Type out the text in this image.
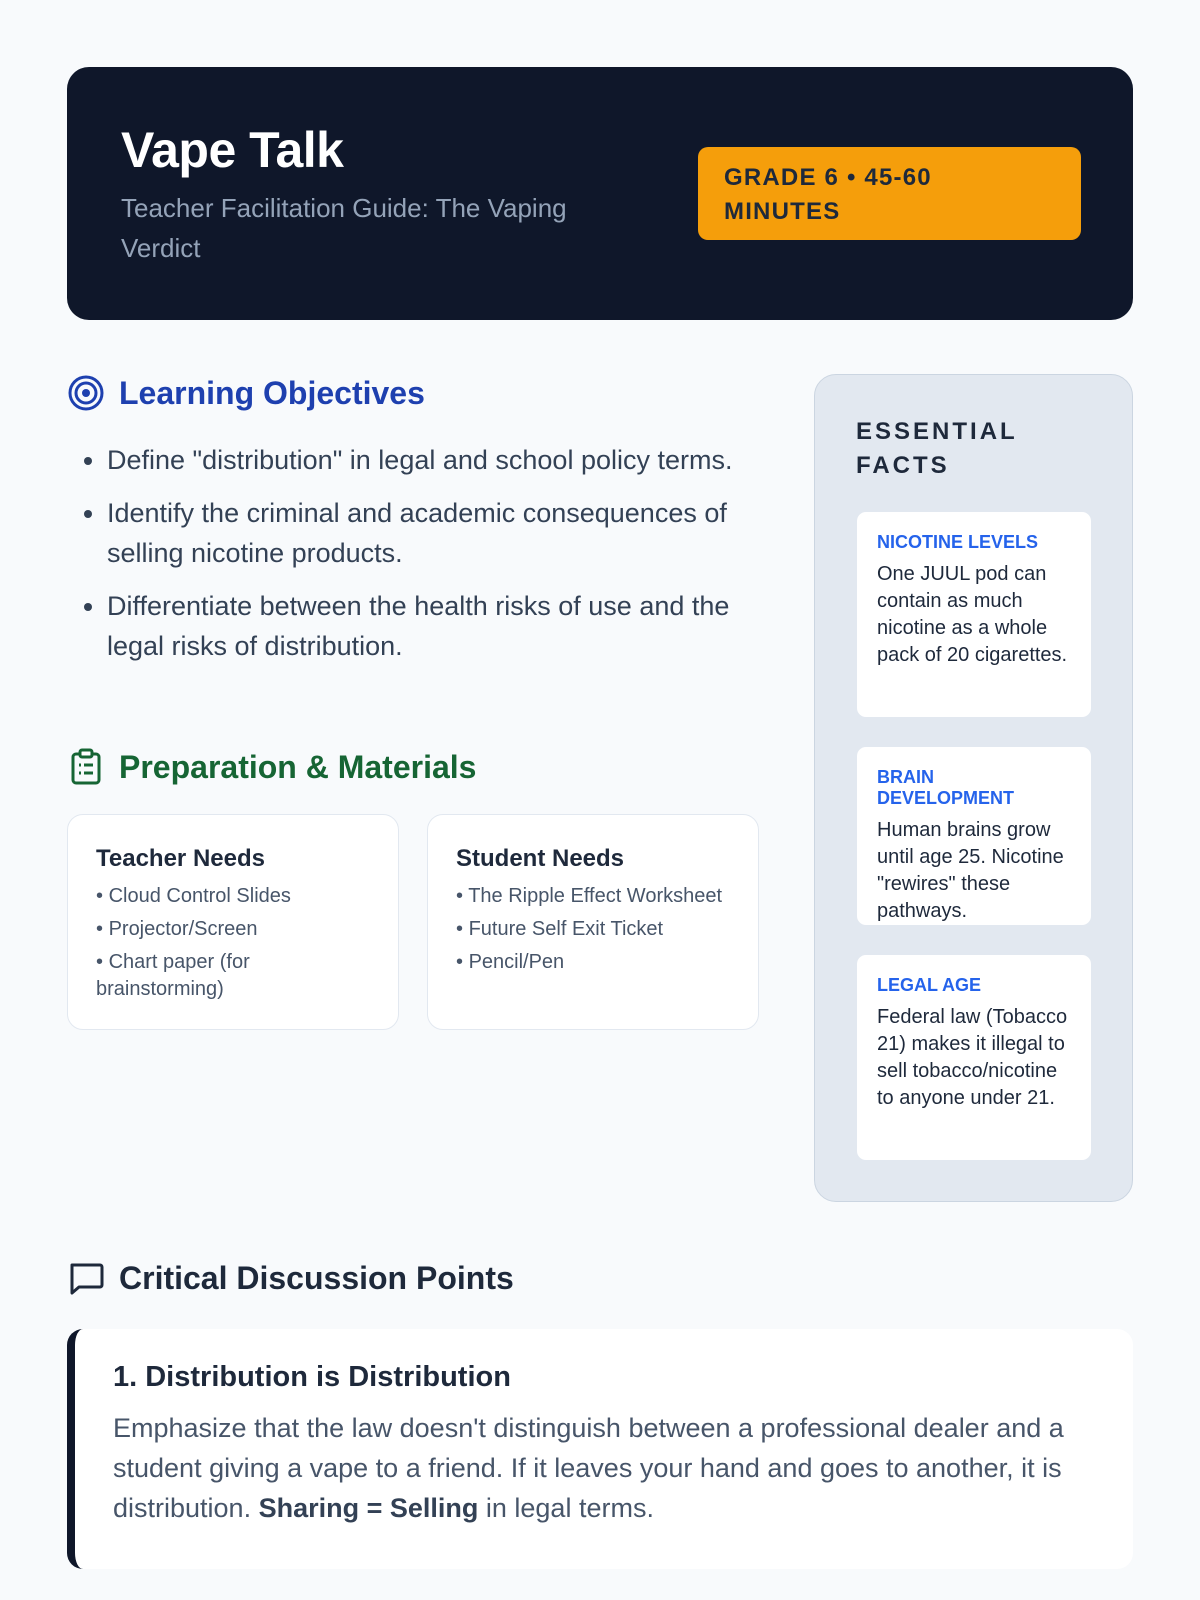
Vape Talk

Teacher Facilitation Guide: The Vaping Verdict

GRADE 6 • 45-60 MINUTES
Learning Objectives
• Define "distribution" in legal and school policy terms.
• Identify the criminal and academic consequences of selling nicotine products.
• Differentiate between the health risks of use and the legal risks of distribution.
Preparation & Materials
Teacher Needs
• Cloud Control Slides
• Projector/Screen
• Chart paper (for brainstorming)
Student Needs
• The Ripple Effect Worksheet
• Future Self Exit Ticket
• Pencil/Pen
ESSENTIAL FACTS

NICOTINE LEVELS

One JUUL pod can contain as much nicotine as a whole pack of 20 cigarettes.

BRAIN DEVELOPMENT

Human brains grow until age 25. Nicotine "rewires" these pathways.

LEGAL AGE

Federal law (Tobacco 21) makes it illegal to sell tobacco/nicotine to anyone under 21.

Critical Discussion Points
1. Distribution is Distribution

Emphasize that the law doesn't distinguish between a professional dealer and a student giving a vape to a friend. If it leaves your hand and goes to another, it is distribution. Sharing = Selling in legal terms.
